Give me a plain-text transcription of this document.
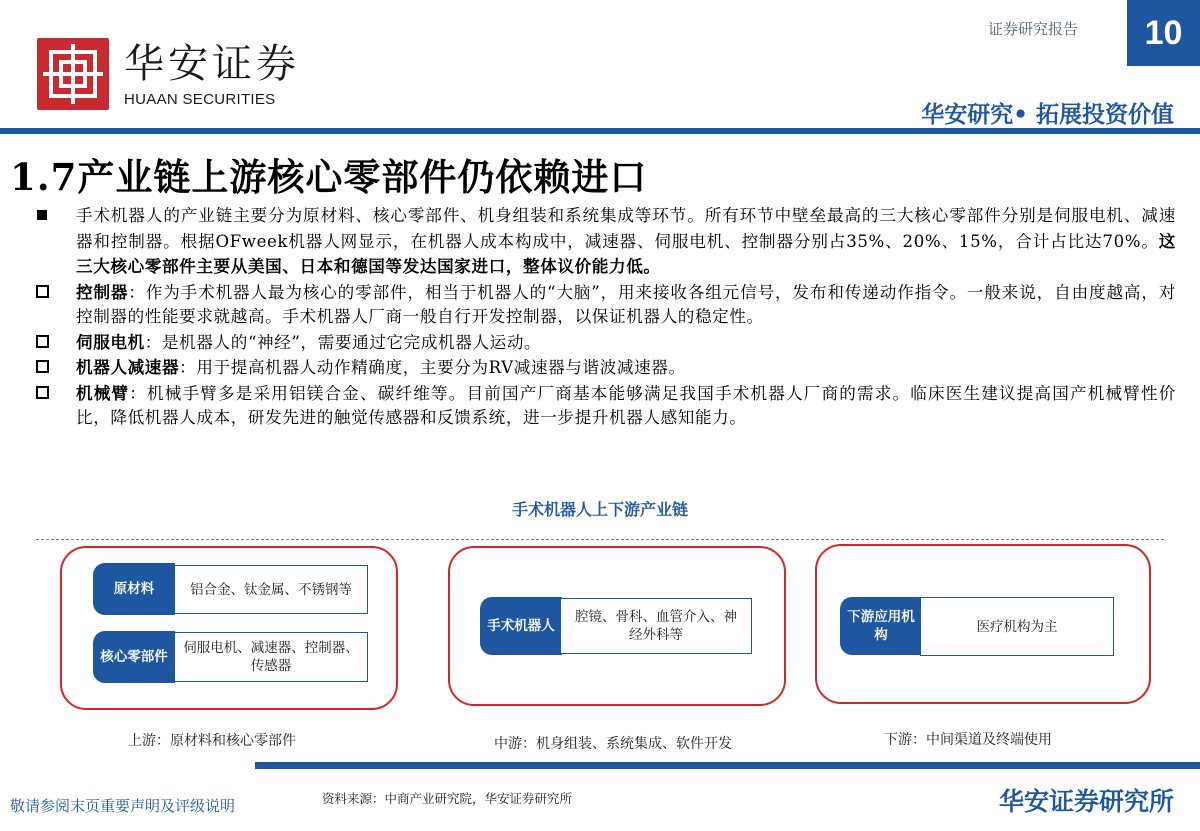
华安证券
HUAAN SECURITIES
证券研究报告	10
华安研究• 拓展投资价值
1.7产业链上游核心零部件仍依赖进口
手术机器人的产业链主要分为原材料、核心零部件、机身组装和系统集成等环节。所有环节中壁垒最高的三大核心零部件分别是伺服电机、减速器和控制器。根据OFweek机器人网显示，在机器人成本构成中，减速器、伺服电机、控制器分别占35%、20%、15%，合计占比达70%。这三大核心零部件主要从美国、日本和德国等发达国家进口，整体议价能力低。
控制器：作为手术机器人最为核心的零部件，相当于机器人的“大脑”，用来接收各组元信号，发布和传递动作指令。一般来说，自由度越高，对控制器的性能要求就越高。手术机器人厂商一般自行开发控制器，以保证机器人的稳定性。
伺服电机：是机器人的“神经”，需要通过它完成机器人运动。
机器人减速器：用于提高机器人动作精确度，主要分为RV减速器与谐波减速器。
机械臂：机械手臂多是采用铝镁合金、碳纤维等。目前国产厂商基本能够满足我国手术机器人厂商的需求。临床医生建议提高国产机械臂性价比，降低机器人成本，研发先进的触觉传感器和反馈系统，进一步提升机器人感知能力。
手术机器人上下游产业链
原材料	铝合金、钛金属、不锈钢等
核心零部件
伺服电机、减速器、控制器、传感器
上游：原材料和核心零部件
手术机器人
腔镜、骨科、血管介入、神经外科等
中游：机身组装、系统集成、软件开发
下游应用机构
医疗机构为主
下游：中间渠道及终端使用
敬请参阅末页重要声明及评级说明	资料来源：中商产业研究院，华安证券研究所	华安证券研究所
